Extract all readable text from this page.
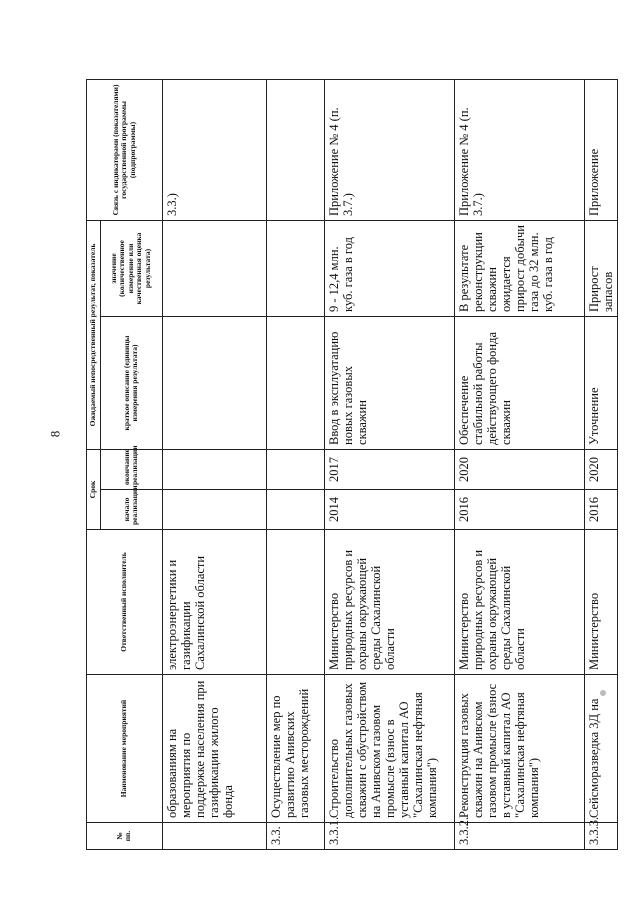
8
№ пп.	Наименование мероприятий	Ответственный исполнитель	Срок		Ожидаемый непосредственный результат, показатель		Связь с индикаторами (показателями) государственной программы (подпрограммы)
			начало реализации	окончание реализации	краткое описание (единицы измерения результата)	значение (количественное измерение или качественная оценка результата)	
	образованиям на мероприятия по поддержке населения при газификации жилого фонда	электроэнергетики и газификации Сахалинской области					3.3.)
3.3.	Осуществление мер по развитию Анивских газовых месторождений						
3.3.1.	Строительство дополнительных газовых скважин с обустройством на Анивском газовом промысле (взнос в уставный капитал АО "Сахалинская нефтяная компания")	Министерство природных ресурсов и охраны окружающей среды Сахалинской области	2014	2017	Ввод в эксплуатацию новых газовых скважин	9 - 12,4 млн. куб. газа в год	Приложение № 4 (п. 3.7.)
3.3.2.	Реконструкция газовых скважин на Анивском газовом промысле (взнос в уставный капитал АО "Сахалинская нефтяная компания")	Министерство природных ресурсов и охраны окружающей среды Сахалинской области	2016	2020	Обеспечение стабильной работы действующего фонда скважин	В результате реконструкции скважин ожидается прирост добычи газа до 32 млн. куб. газа в год	Приложение № 4 (п. 3.7.)
3.3.3.	Сейсморазведка 3Д на	Министерство	2016	2020	Уточнение	Прирост запасов	Приложение
